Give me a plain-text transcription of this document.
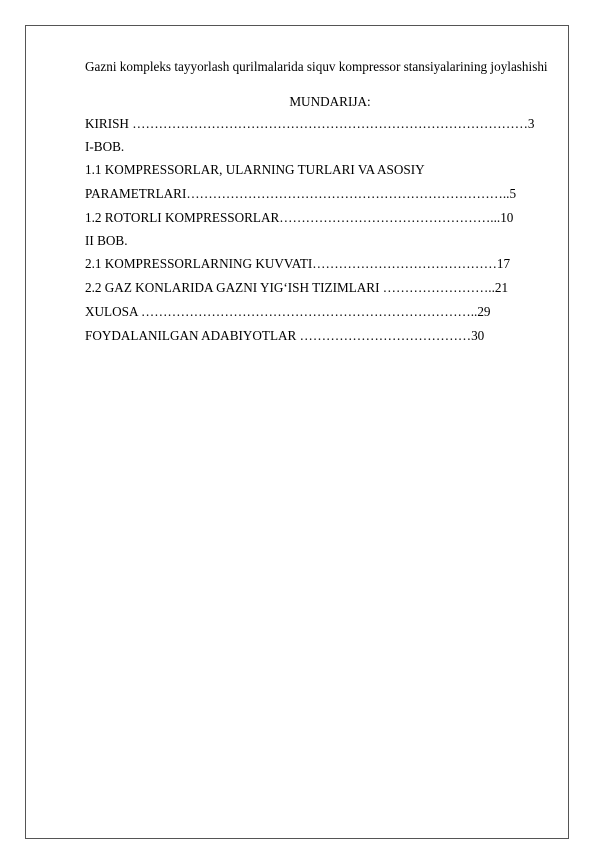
Gazni kompleks tayyorlash qurilmalarida siquv kompressor stansiyalarining joylashishi

MUNDARIJA:
KIRISH ………………………………………………………………………………3
I-BOB.
1.1 KOMPRESSORLAR, ULARNING TURLARI VA ASOSIY
PARAMETRLARI………………………………………………………………..5
1.2 ROTORLI KOMPRESSORLAR…………………………………………...10
II BOB.
2.1 KOMPRESSORLARNING KUVVATI……………………………………17
2.2 GAZ KONLARIDA GAZNI YIG‘ISH TIZIMLARI ……………………..21
XULOSA …………………………………………………………………..29
FOYDALANILGAN ADABIYOTLAR …………………………………30
